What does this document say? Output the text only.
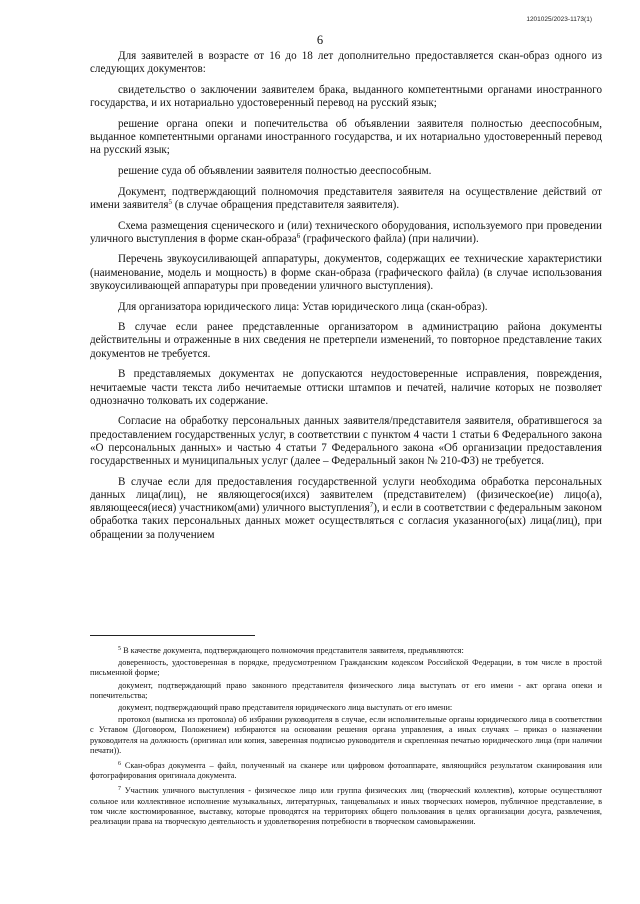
1201025/2023-1173(1)
6

Для заявителей в возрасте от 16 до 18 лет дополнительно предоставляется скан-образ одного из следующих документов:

свидетельство о заключении заявителем брака, выданного компетентными органами иностранного государства, и их нотариально удостоверенный перевод на русский язык;

решение органа опеки и попечительства об объявлении заявителя полностью дееспособным, выданное компетентными органами иностранного государства, и их нотариально удостоверенный перевод на русский язык;

решение суда об объявлении заявителя полностью дееспособным.

Документ, подтверждающий полномочия представителя заявителя на осуществление действий от имени заявителя$^5$ (в случае обращения представителя заявителя).

Схема размещения сценического и (или) технического оборудования, используемого при проведении уличного выступления в форме скан-образа$^6$ (графического файла) (при наличии).

Перечень звукоусиливающей аппаратуры, документов, содержащих ее технические характеристики (наименование, модель и мощность) в форме скан-образа (графического файла) (в случае использования звукоусиливающей аппаратуры при проведении уличного выступления).

Для организатора юридического лица: Устав юридического лица (скан-образ).

В случае если ранее представленные организатором в администрацию района документы действительны и отраженные в них сведения не претерпели изменений, то повторное представление таких документов не требуется.

В представляемых документах не допускаются неудостоверенные исправления, повреждения, нечитаемые части текста либо нечитаемые оттиски штампов и печатей, наличие которых не позволяет однозначно толковать их содержание.

Согласие на обработку персональных данных заявителя/представителя заявителя, обратившегося за предоставлением государственных услуг, в соответствии с пунктом 4 части 1 статьи 6 Федерального закона «О персональных данных» и частью 4 статьи 7 Федерального закона «Об организации предоставления государственных и муниципальных услуг (далее – Федеральный закон № 210-ФЗ) не требуется.

В случае если для предоставления государственной услуги необходима обработка персональных данных лица(лиц), не являющегося(ихся) заявителем (представителем) (физическое(ие) лицо(а), являющееся(иеся) участником(ами) уличного выступления$^7$), и если в соответствии с федеральным законом обработка таких персональных данных может осуществляться с согласия указанного(ых) лица(лиц), при обращении за получением

$^5$ В качестве документа, подтверждающего полномочия представителя заявителя, предъявляются:

доверенность, удостоверенная в порядке, предусмотренном Гражданским кодексом Российской Федерации, в том числе в простой письменной форме;

документ, подтверждающий право законного представителя физического лица выступать от его имени - акт органа опеки и попечительства;

документ, подтверждающий право представителя юридического лица выступать от его имени:

протокол (выписка из протокола) об избрании руководителя в случае, если исполнительные органы юридического лица в соответствии с Уставом (Договором, Положением) избираются на основании решения органа управления, а иных случаях – приказ о назначении руководителя на должность (оригинал или копия, заверенная подписью руководителя и скрепленная печатью юридического лица (при наличии печати)).

$^6$ Скан-образ документа – файл, полученный на сканере или цифровом фотоаппарате, являющийся результатом сканирования или фотографирования оригинала документа.

$^7$ Участник уличного выступления - физическое лицо или группа физических лиц (творческий коллектив), которые осуществляют сольное или коллективное исполнение музыкальных, литературных, танцевальных и иных творческих номеров, публичное представление, в том числе костюмированное, выставку, которые проводятся на территориях общего пользования в целях организации досуга, развлечения, реализации права на творческую деятельность и удовлетворения потребности в творческом самовыражении.
